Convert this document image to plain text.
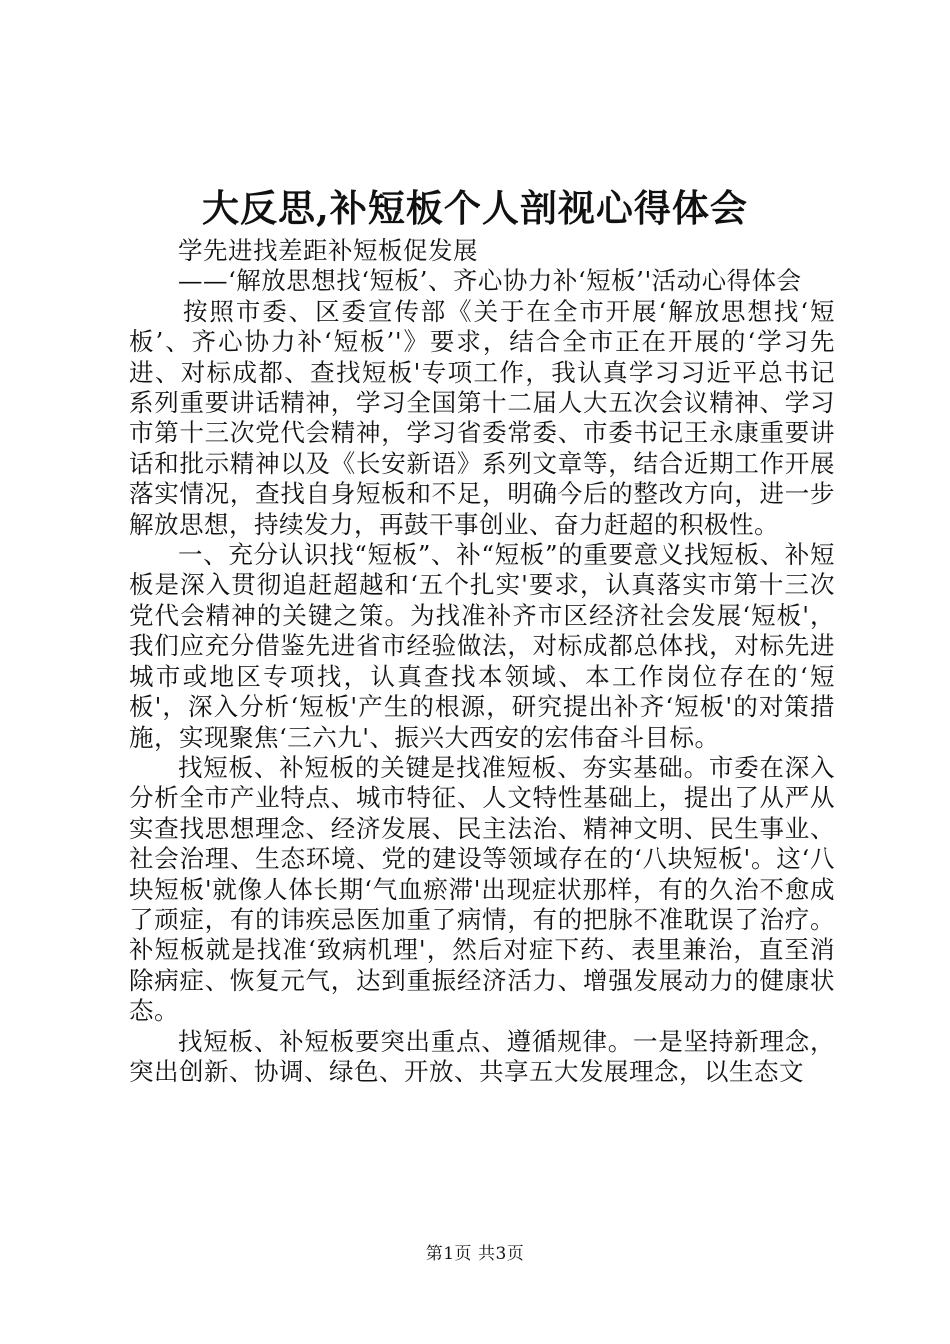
大反思,补短板个人剖视心得体会

学先进找差距补短板促发展

——‘解放思想找‘短板’、齐心协力补‘短板’'活动心得体会

按照市委、区委宣传部《关于在全市开展‘解放思想找‘短板’、齐心协力补‘短板’'》要求，结合全市正在开展的‘学习先进、对标成都、查找短板'专项工作，我认真学习习近平总书记系列重要讲话精神，学习全国第十二届人大五次会议精神、学习市第十三次党代会精神，学习省委常委、市委书记王永康重要讲话和批示精神以及《长安新语》系列文章等，结合近期工作开展落实情况，查找自身短板和不足，明确今后的整改方向，进一步解放思想，持续发力，再鼓干事创业、奋力赶超的积极性。

一、充分认识找“短板”、补“短板”的重要意义找短板、补短板是深入贯彻追赶超越和‘五个扎实'要求，认真落实市第十三次党代会精神的关键之策。为找准补齐市区经济社会发展‘短板'，我们应充分借鉴先进省市经验做法，对标成都总体找，对标先进城市或地区专项找，认真查找本领域、本工作岗位存在的‘短板'，深入分析‘短板'产生的根源，研究提出补齐‘短板'的对策措施，实现聚焦‘三六九'、振兴大西安的宏伟奋斗目标。

找短板、补短板的关键是找准短板、夯实基础。市委在深入分析全市产业特点、城市特征、人文特性基础上，提出了从严从实查找思想理念、经济发展、民主法治、精神文明、民生事业、社会治理、生态环境、党的建设等领域存在的‘八块短板'。这‘八块短板'就像人体长期‘气血瘀滞'出现症状那样，有的久治不愈成了顽症，有的讳疾忌医加重了病情，有的把脉不准耽误了治疗。补短板就是找准‘致病机理'，然后对症下药、表里兼治，直至消除病症、恢复元气，达到重振经济活力、增强发展动力的健康状态。

找短板、补短板要突出重点、遵循规律。一是坚持新理念，突出创新、协调、绿色、开放、共享五大发展理念，以生态文

第1页 共3页
